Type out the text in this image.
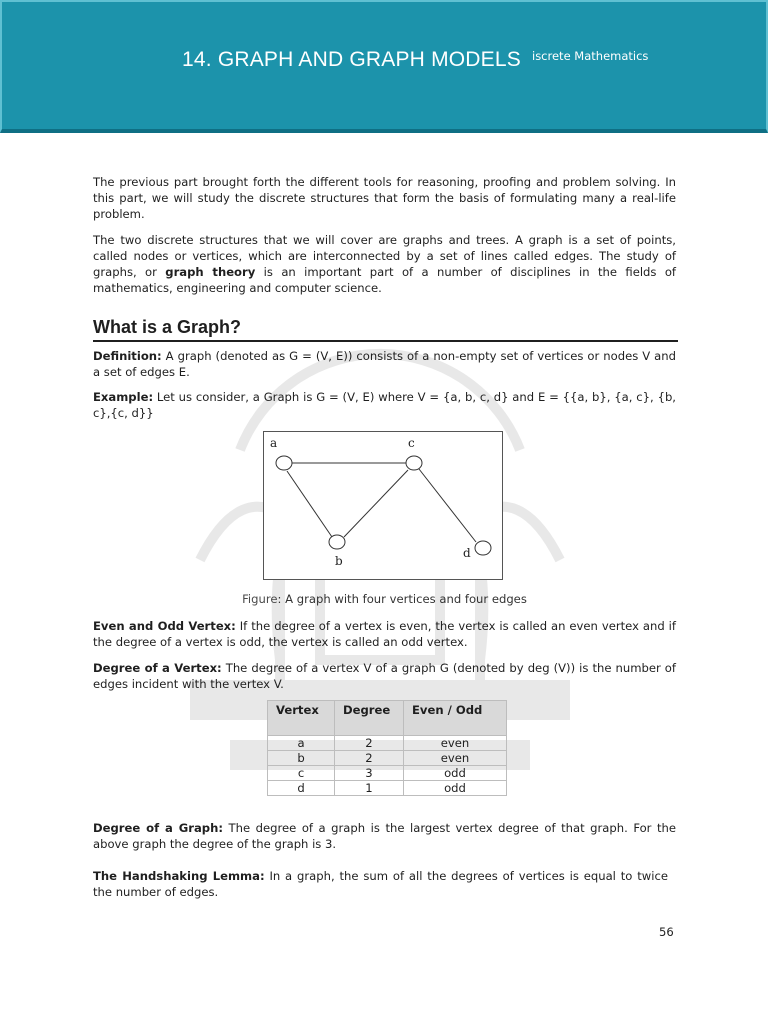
14. GRAPH AND GRAPH MODELS iscrete Mathematics

The previous part brought forth the different tools for reasoning, proofing and problem solving. In this part, we will study the discrete structures that form the basis of formulating many a real-life problem.

The two discrete structures that we will cover are graphs and trees. A graph is a set of points, called nodes or vertices, which are interconnected by a set of lines called edges. The study of graphs, or graph theory is an important part of a number of disciplines in the fields of mathematics, engineering and computer science.

What is a Graph?

Definition: A graph (denoted as G = (V, E)) consists of a non-empty set of vertices or nodes V and a set of edges E.

Example: Let us consider, a Graph is G = (V, E) where V = {a, b, c, d} and E = {{a, b}, {a, c}, {b, c},{c, d}}

a	c
b
d
Figure: A graph with four vertices and four edges

Even and Odd Vertex: If the degree of a vertex is even, the vertex is called an even vertex and if the degree of a vertex is odd, the vertex is called an odd vertex.

Degree of a Vertex: The degree of a vertex V of a graph G (denoted by deg (V)) is the number of edges incident with the vertex V.

Vertex	Degree	Even / Odd
a	2	even
b	2	even
c	3	odd
d	1	odd

Degree of a Graph: The degree of a graph is the largest vertex degree of that graph. For the above graph the degree of the graph is 3.

The Handshaking Lemma: In a graph, the sum of all the degrees of vertices is equal to twice the number of edges.

56
